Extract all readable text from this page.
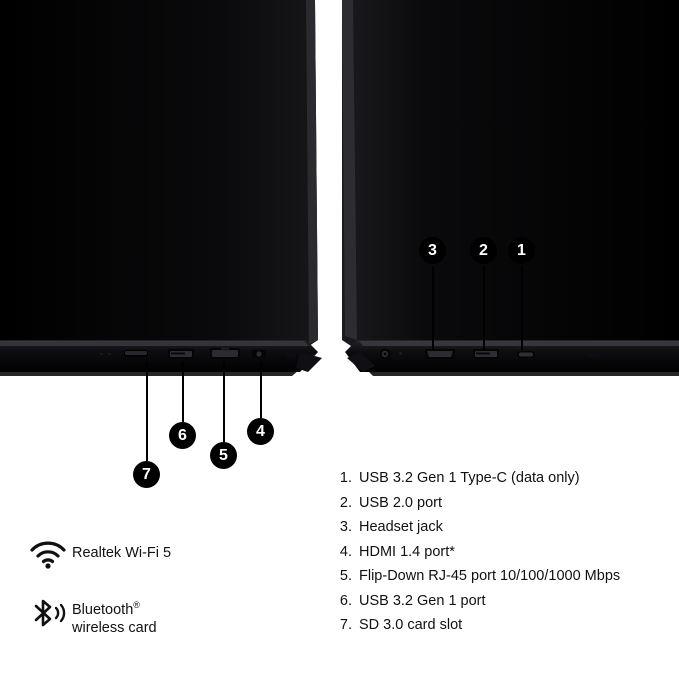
1
2
3
4
5
6
7	1. USB 3.2 Gen 1 Type-C (data only)
2. USB 2.0 port
3. Headset jack
4. HDMI 1.4 port*
5. Flip-Down RJ-45 port 10/100/1000 Mbps
6. USB 3.2 Gen 1 port
7. SD 3.0 card slot
Realtek Wi-Fi 5
Bluetooth®
wireless card
